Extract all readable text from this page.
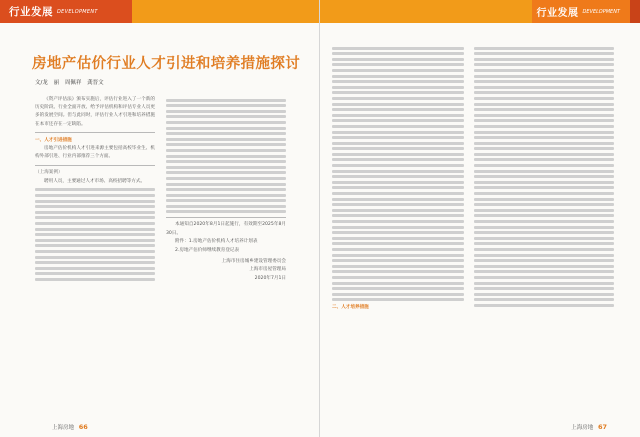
行业发展 DEVELOPMENT
房地产估价行业人才引进和培养措施探讨
文/龙 丽 周佩祥 龚晋文

《资产评估法》颁布实施后，评估行业进入了一个新的历史阶段。行业全面开放、给予评估机构和评估专业人员更多的发展空间。但与此同时，评估行业人才引进和培养措施在本市还存在一定缺陷。

一、人才引进措施

房地产估价机构人才引进来源主要包括高校毕业生、机构外部引进、行业内部推荐三个方面。

（上海案例）

聘用人员，主要通过人才市场、高校招聘等方式。

本通知自2020年8月1日起施行，有效期至2025年8月30日。

附件：1.房地产估价机构人才培养计划表

2.房地产估价师继续教育登记表

上海市住房城乡建设管理委员会
上海市房屋管理局
2020年7月1日
上海房地 66
行业发展 DEVELOPMENT
二、人才培养措施
上海房地 67
